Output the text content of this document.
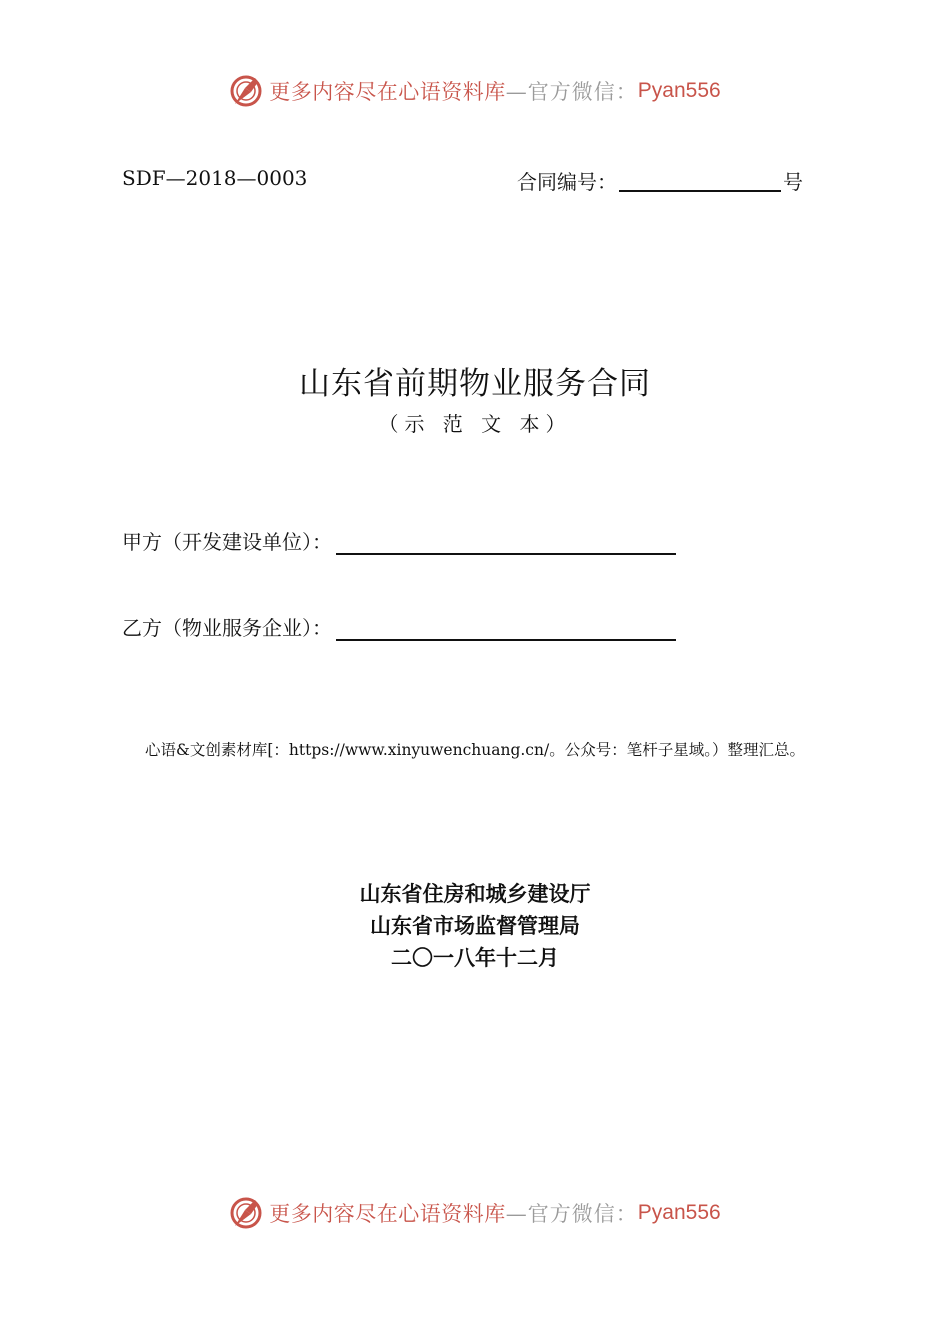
更多内容尽在心语资料库 —官方微信： Pyan556
SDF—2018—0003	合同编号：	号
山东省前期物业服务合同
（示 范 文 本）
甲方（开发建设单位）：
乙方（物业服务企业）：
心语&文创素材库[：https://www.xinyuwenchuang.cn/。公众号：笔杆子星域。）整理汇总。
山东省住房和城乡建设厅
山东省市场监督管理局
二〇一八年十二月
更多内容尽在心语资料库 —官方微信： Pyan556
